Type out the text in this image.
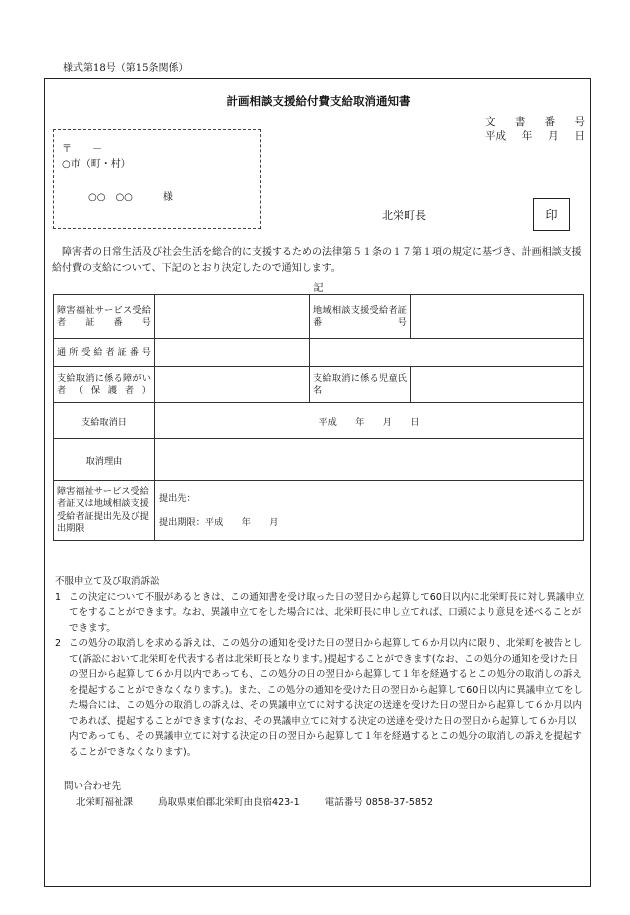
様式第18号（第15条関係）
計画相談支援給付費支給取消通知書
文 書 番 号
平成 年 月 日
〒 －
○市（町・村）
○○　○○	様
北栄町長	印
障害者の日常生活及び社会生活を総合的に支援するための法律第５１条の１７第１項の規定に基づき、計画相談支援給付費の支給について、下記のとおり決定したので通知します。
記
障害福祉サービス受給者証番号		地域相談支援受給者証番号	

通所受給者証番号		

支給取消に係る障がい者（保護者）		支給取消に係る児童氏名	
支給取消日	平成　　年　　月　　日		
取消理由			
障害福祉サービス受給者証又は地域相談支援受給者証提出先及び提出期限	提出先：
提出期限：平成　　年　　月		
不服申立て及び取消訴訟
1 この決定について不服があるときは、この通知書を受け取った日の翌日から起算して60日以内に北栄町長に対し異議申立てをすることができます。なお、異議申立てをした場合には、北栄町長に申し立てれば、口頭により意見を述べることができます。
2 この処分の取消しを求める訴えは、この処分の通知を受けた日の翌日から起算して６か月以内に限り、北栄町を被告として(訴訟において北栄町を代表する者は北栄町長となります。)提起することができます(なお、この処分の通知を受けた日の翌日から起算して６か月以内であっても、この処分の日の翌日から起算して１年を経過するとこの処分の取消しの訴えを提起することができなくなります。)。また、この処分の通知を受けた日の翌日から起算して60日以内に異議申立てをした場合には、この処分の取消しの訴えは、その異議申立てに対する決定の送達を受けた日の翌日から起算して６か月以内であれば、提起することができます(なお、その異議申立てに対する決定の送達を受けた日の翌日から起算して６か月以内であっても、その異議申立てに対する決定の日の翌日から起算して１年を経過するとこの処分の取消しの訴えを提起することができなくなります)。
問い合わせ先
北栄町福祉課	鳥取県東伯郡北栄町由良宿423-1	電話番号 0858-37-5852
